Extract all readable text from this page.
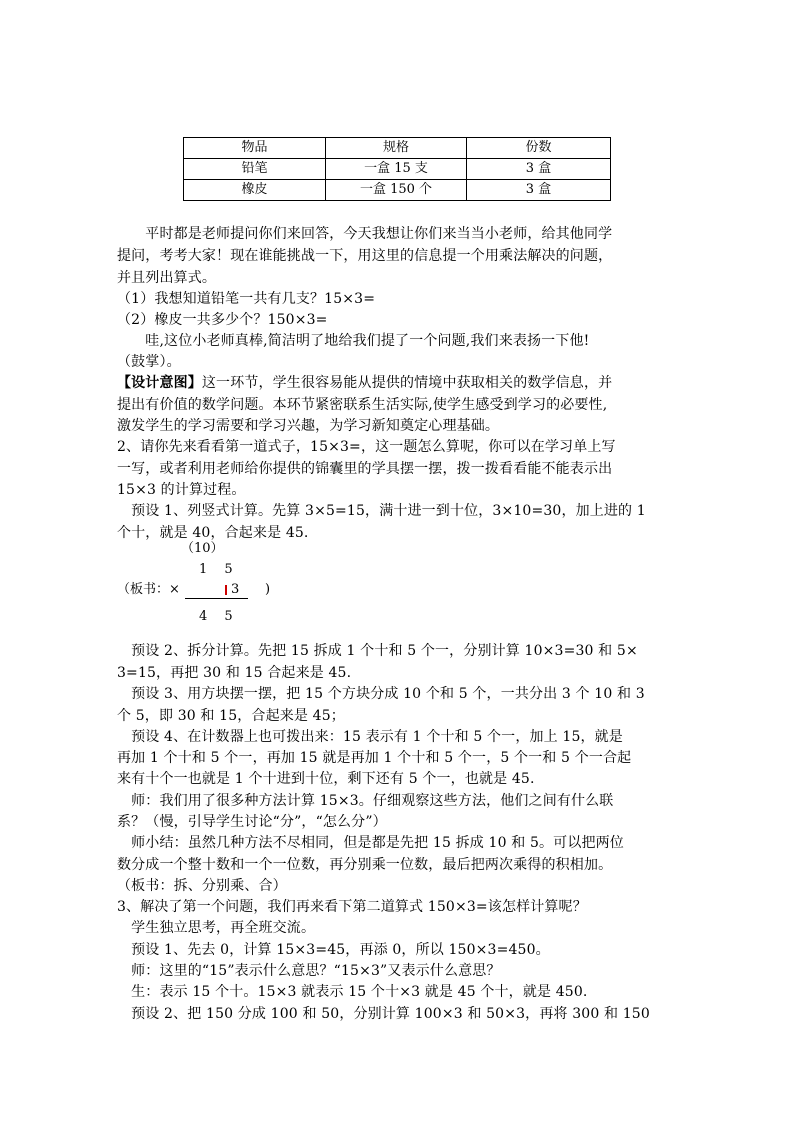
物品	规格	份数
铅笔	一盒 15 支	3 盒
橡皮	一盒 150 个	3 盒
　　平时都是老师提问你们来回答，今天我想让你们来当当小老师，给其他同学
提问，考考大家！现在谁能挑战一下，用这里的信息提一个用乘法解决的问题，
并且列出算式。
（1）我想知道铅笔一共有几支？15×3=
（2）橡皮一共多少个？150×3=
　　哇,这位小老师真棒,简洁明了地给我们提了一个问题,我们来表扬一下他!
（鼓掌）。
【设计意图】这一环节，学生很容易能从提供的情境中获取相关的数学信息，并
提出有价值的数学问题。本环节紧密联系生活实际,使学生感受到学习的必要性,
激发学生的学习需要和学习兴趣，为学习新知奠定心理基础。
2、请你先来看看第一道式子，15×3=，这一题怎么算呢，你可以在学习单上写
一写，或者利用老师给你提供的锦囊里的学具摆一摆，拨一拨看看能不能表示出
15×3 的计算过程。
　预设 1、列竖式计算。先算 3×5=15，满十进一到十位，3×10=30，加上进的 1
个十，就是 40，合起来是 45.
（10）
1　 5
（板书：×	3 )
4　 5
　预设 2、拆分计算。先把 15 拆成 1 个十和 5 个一，分别计算 10×3=30 和 5×
3=15，再把 30 和 15 合起来是 45.
　预设 3、用方块摆一摆，把 15 个方块分成 10 个和 5 个，一共分出 3 个 10 和 3
个 5，即 30 和 15，合起来是 45；
　预设 4、在计数器上也可拨出来：15 表示有 1 个十和 5 个一，加上 15，就是
再加 1 个十和 5 个一，再加 15 就是再加 1 个十和 5 个一，5 个一和 5 个一合起
来有十个一也就是 1 个十进到十位，剩下还有 5 个一，也就是 45.
　师：我们用了很多种方法计算 15×3。仔细观察这些方法，他们之间有什么联
系？（慢，引导学生讨论“分”，“怎么分”）
　师小结：虽然几种方法不尽相同，但是都是先把 15 拆成 10 和 5。可以把两位
数分成一个整十数和一个一位数，再分别乘一位数，最后把两次乘得的积相加。
（板书：拆、分别乘、合）
3、解决了第一个问题，我们再来看下第二道算式 150×3=该怎样计算呢？
　学生独立思考，再全班交流。
　预设 1、先去 0，计算 15×3=45，再添 0，所以 150×3=450。
　师：这里的“15”表示什么意思？“15×3”又表示什么意思？
　生：表示 15 个十。15×3 就表示 15 个十×3 就是 45 个十，就是 450.
　预设 2、把 150 分成 100 和 50，分别计算 100×3 和 50×3，再将 300 和 150
